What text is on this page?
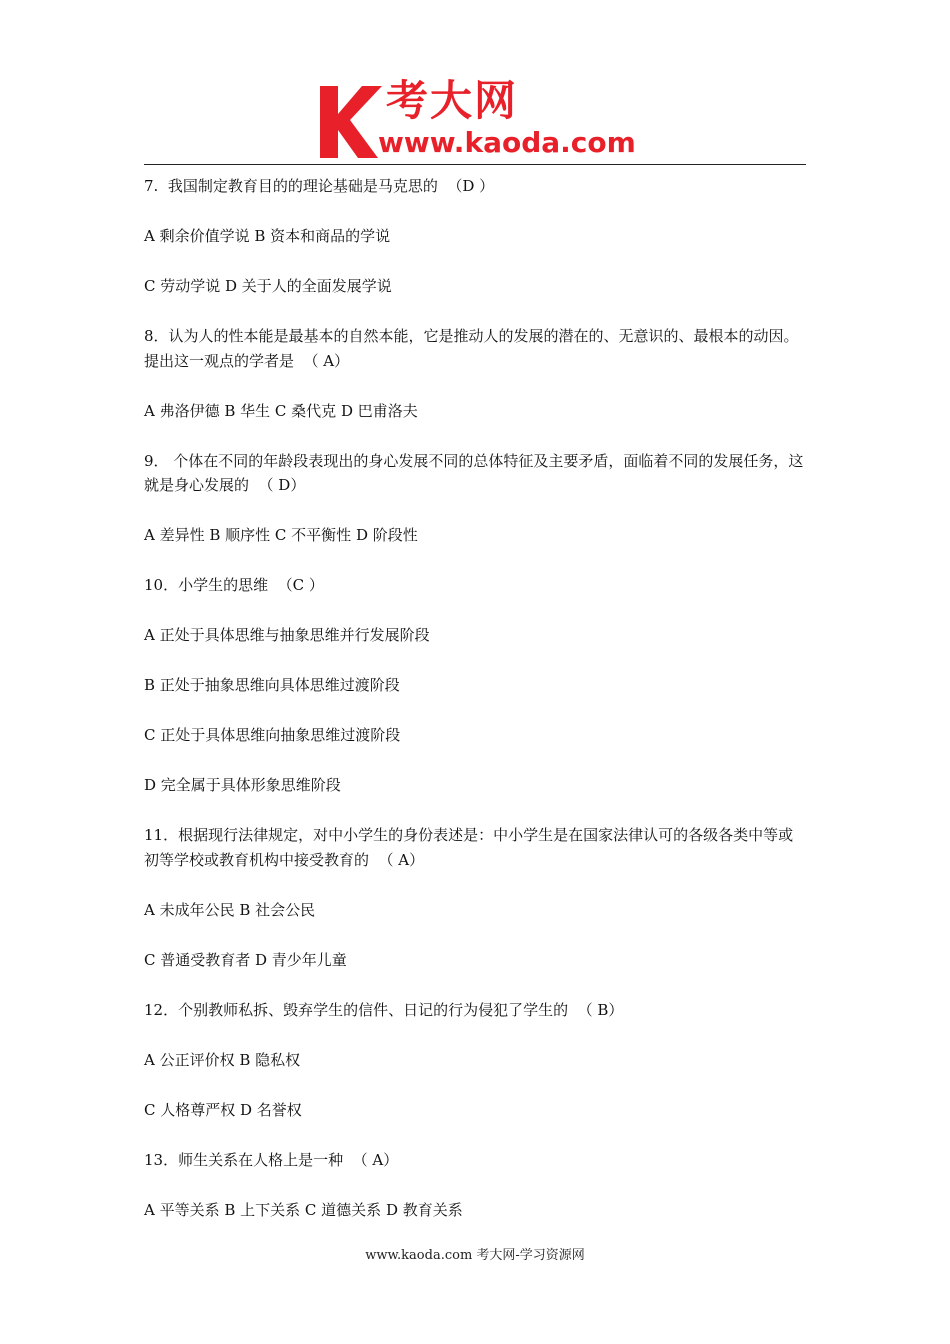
考大网
www.kaoda.com

7.  我国制定教育目的的理论基础是马克思的  （D ）

A 剩余价值学说 B 资本和商品的学说

C 劳动学说 D 关于人的全面发展学说

8．认为人的性本能是最基本的自然本能，它是推动人的发展的潜在的、无意识的、最根本的动因。提出这一观点的学者是  （ A）

A 弗洛伊德 B 华生 C 桑代克 D 巴甫洛夫

9． 个体在不同的年龄段表现出的身心发展不同的总体特征及主要矛盾，面临着不同的发展任务，这就是身心发展的  （ D）

A 差异性 B 顺序性 C 不平衡性 D 阶段性

10．小学生的思维  （C ）

A 正处于具体思维与抽象思维并行发展阶段

B 正处于抽象思维向具体思维过渡阶段

C 正处于具体思维向抽象思维过渡阶段

D 完全属于具体形象思维阶段

11．根据现行法律规定，对中小学生的身份表述是：中小学生是在国家法律认可的各级各类中等或初等学校或教育机构中接受教育的  （ A）

A 未成年公民 B 社会公民

C 普通受教育者 D 青少年儿童

12．个别教师私拆、毁弃学生的信件、日记的行为侵犯了学生的  （ B）

A 公正评价权 B 隐私权

C 人格尊严权 D 名誉权

13．师生关系在人格上是一种  （ A）

A 平等关系 B 上下关系 C 道德关系 D 教育关系

www.kaoda.com 考大网-学习资源网
